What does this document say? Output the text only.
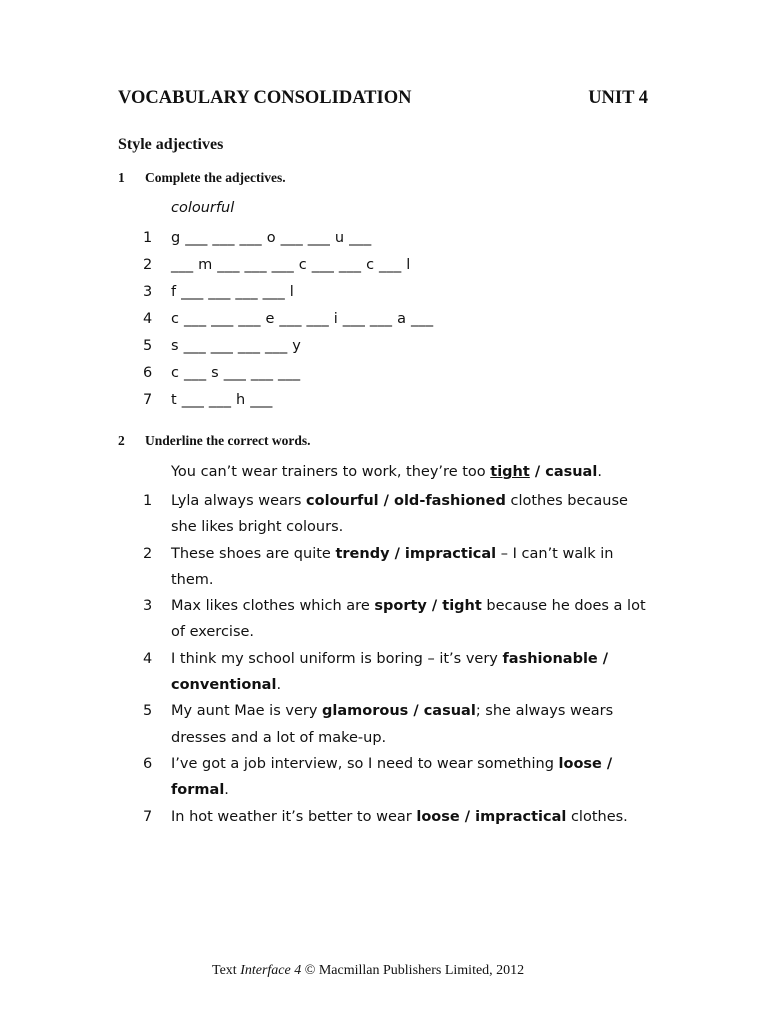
VOCABULARY CONSOLIDATION	UNIT 4
Style adjectives
1 Complete the adjectives.
colourful
1	g ___ ___ ___ o ___ ___ u ___
2	___ m ___ ___ ___ c ___ ___ c ___ l
3	f ___ ___ ___ ___ l
4	c ___ ___ ___ e ___ ___ i ___ ___ a ___
5	s ___ ___ ___ ___ y
6	c ___ s ___ ___ ___
7	t ___ ___ h ___
2 Underline the correct words.
You can’t wear trainers to work, they’re too tight / casual.
1	Lyla always wears colourful / old-fashioned clothes because she likes bright colours.
2	These shoes are quite trendy / impractical – I can’t walk in them.
3	Max likes clothes which are sporty / tight because he does a lot of exercise.
4	I think my school uniform is boring – it’s very fashionable / conventional.
5	My aunt Mae is very glamorous / casual; she always wears dresses and a lot of make-up.
6	I’ve got a job interview, so I need to wear something loose / formal.
7	In hot weather it’s better to wear loose / impractical clothes.
Text Interface 4 © Macmillan Publishers Limited, 2012
